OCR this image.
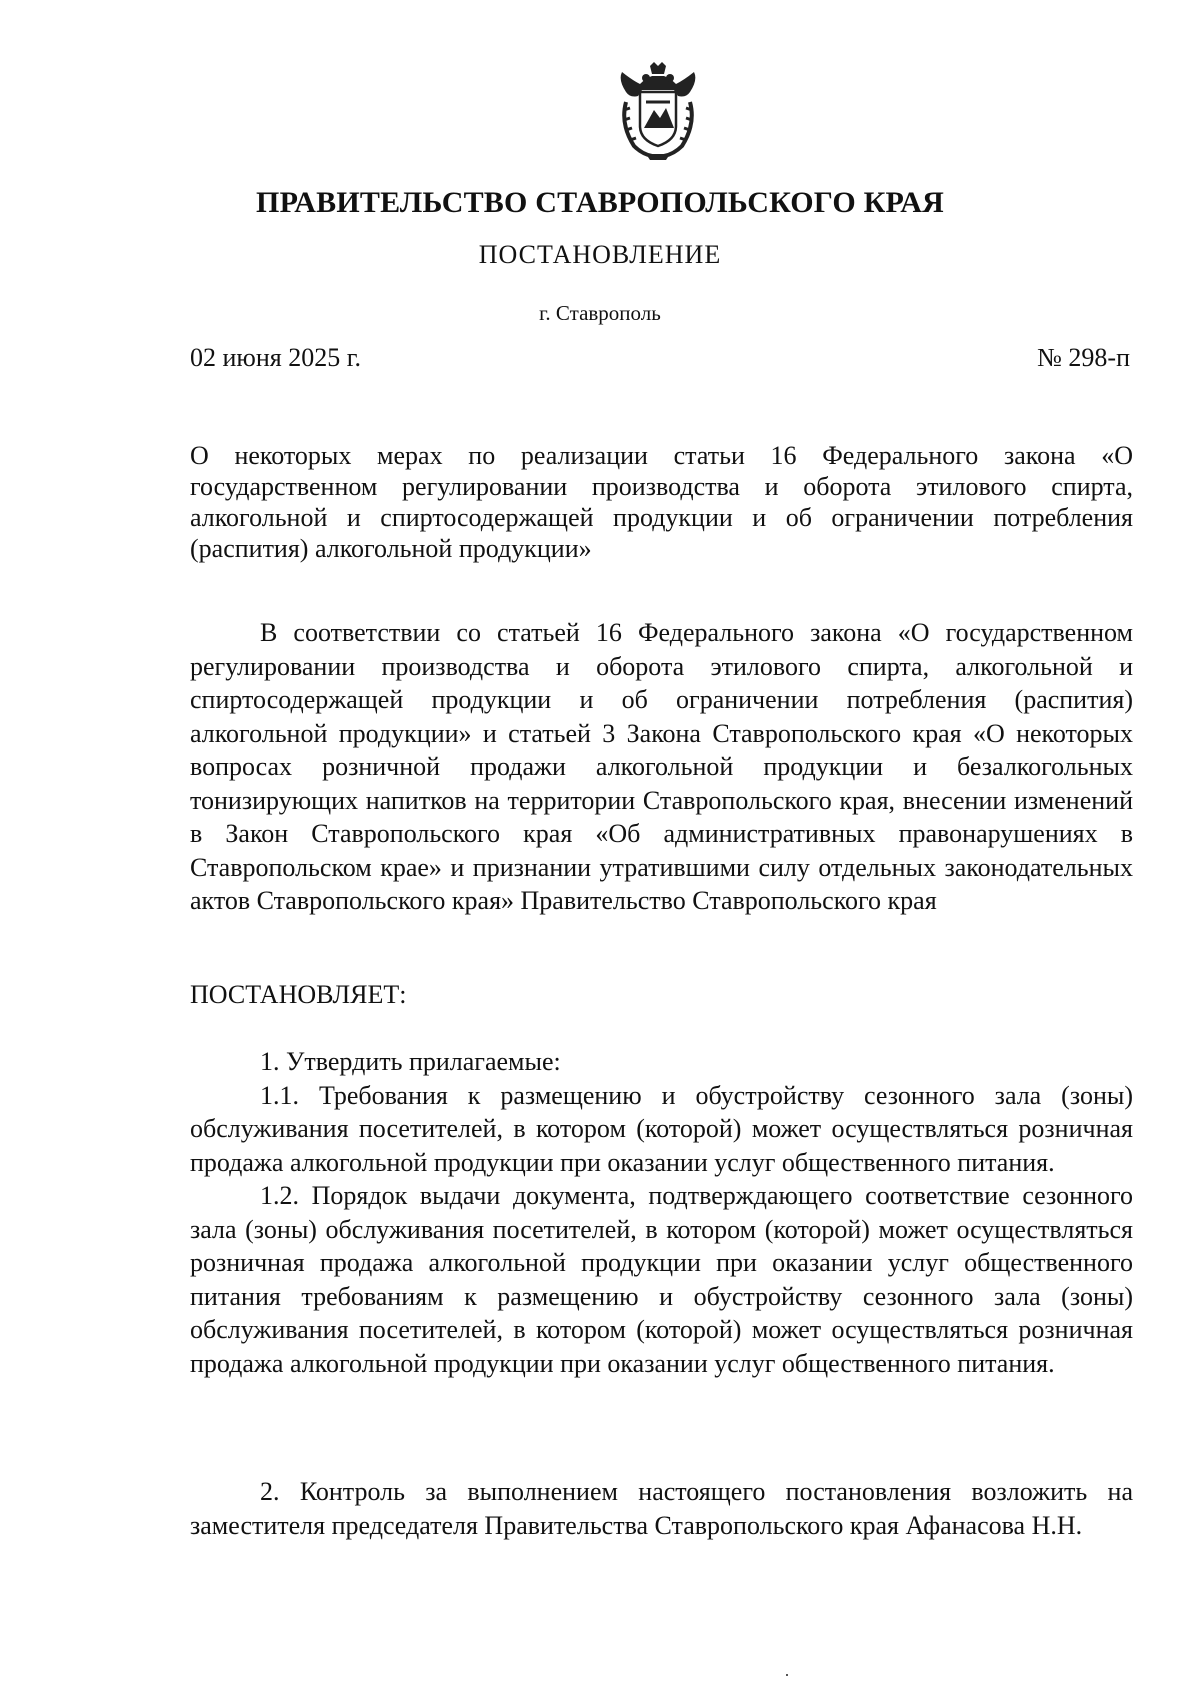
ПРАВИТЕЛЬСТВО СТАВРОПОЛЬСКОГО КРАЯ
ПОСТАНОВЛЕНИЕ
г. Ставрополь
02 июня 2025 г.	№ 298-п
О некоторых мерах по реализации статьи 16 Федерального закона «О государственном регулировании производства и оборота этилового спирта, алкогольной и спиртосодержащей продукции и об ограничении потребления (распития) алкогольной продукции»

В соответствии со статьей 16 Федерального закона «О государственном регулировании производства и оборота этилового спирта, алкогольной и спиртосодержащей продукции и об ограничении потребления (распития) алкогольной продукции» и статьей 3 Закона Ставропольского края «О некоторых вопросах розничной продажи алкогольной продукции и безалкогольных тонизирующих напитков на территории Ставропольского края, внесении изменений в Закон Ставропольского края «Об административных правонарушениях в Ставропольском крае» и признании утратившими силу отдельных законодательных актов Ставропольского края» Правительство Ставропольского края

ПОСТАНОВЛЯЕТ:

1. Утвердить прилагаемые:

1.1. Требования к размещению и обустройству сезонного зала (зоны) обслуживания посетителей, в котором (которой) может осуществляться розничная продажа алкогольной продукции при оказании услуг общественного питания.

1.2. Порядок выдачи документа, подтверждающего соответствие сезонного зала (зоны) обслуживания посетителей, в котором (которой) может осуществляться розничная продажа алкогольной продукции при оказании услуг общественного питания требованиям к размещению и обустройству сезонного зала (зоны) обслуживания посетителей, в котором (которой) может осуществляться розничная продажа алкогольной продукции при оказании услуг общественного питания.

2. Контроль за выполнением настоящего постановления возложить на заместителя председателя Правительства Ставропольского края Афанасова Н.Н.
